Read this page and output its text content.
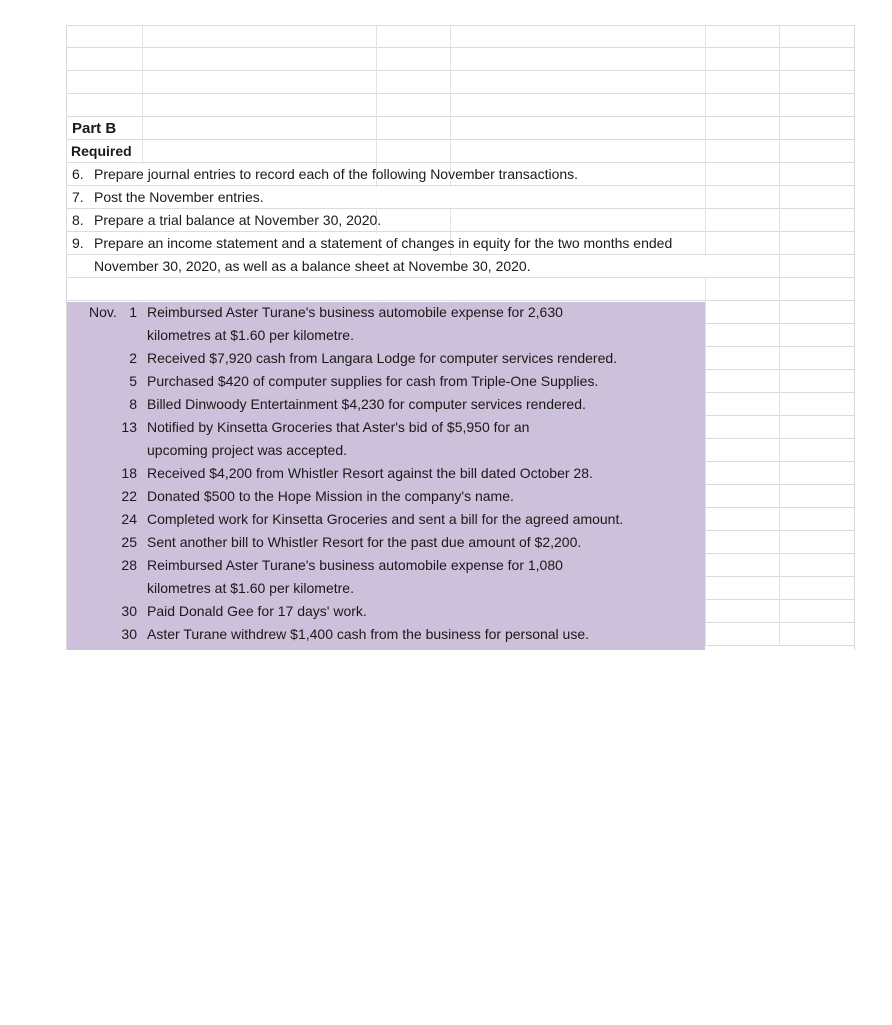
Part B
Required
6. Prepare journal entries to record each of the following November transactions.
7. Post the November entries.
8. Prepare a trial balance at November 30, 2020.
9. Prepare an income statement and a statement of changes in equity for the two months ended
November 30, 2020, as well as a balance sheet at Novembe 30, 2020.
Nov. 1 Reimbursed Aster Turane's business automobile expense for 2,630
kilometres at $1.60 per kilometre.
2 Received $7,920 cash from Langara Lodge for computer services rendered.
5 Purchased $420 of computer supplies for cash from Triple-One Supplies.
8 Billed Dinwoody Entertainment $4,230 for computer services rendered.
13 Notified by Kinsetta Groceries that Aster's bid of $5,950 for an
upcoming project was accepted.
18 Received $4,200 from Whistler Resort against the bill dated October 28.
22 Donated $500 to the Hope Mission in the company's name.
24 Completed work for Kinsetta Groceries and sent a bill for the agreed amount.
25 Sent another bill to Whistler Resort for the past due amount of $2,200.
28 Reimbursed Aster Turane's business automobile expense for 1,080
kilometres at $1.60 per kilometre.
30 Paid Donald Gee for 17 days' work.
30 Aster Turane withdrew $1,400 cash from the business for personal use.
